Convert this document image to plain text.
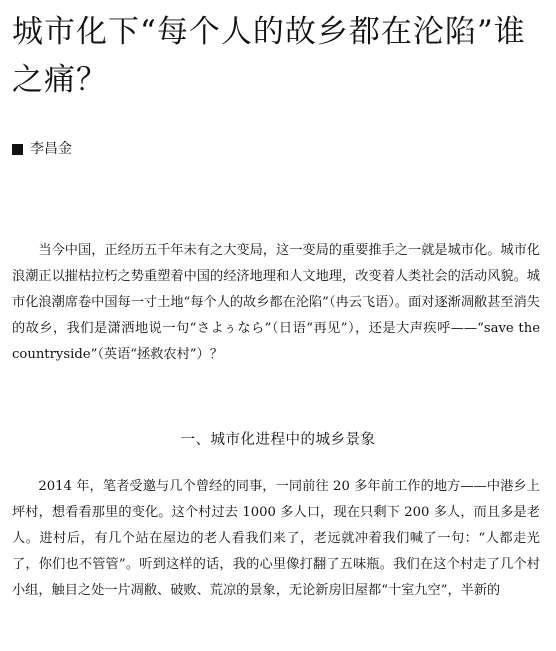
城市化下“每个人的故乡都在沦陷”谁之痛？
李昌金

当今中国，正经历五千年未有之大变局，这一变局的重要推手之一就是城市化。城市化浪潮正以摧枯拉朽之势重塑着中国的经济地理和人文地理，改变着人类社会的活动风貌。城市化浪潮席卷中国每一寸土地“每个人的故乡都在沦陷”（冉云飞语）。面对逐渐凋敝甚至消失的故乡，我们是潇洒地说一句“さよぅなら”（日语“再见”），还是大声疾呼——“save the countryside”（英语“拯救农村”）？

一、城市化进程中的城乡景象

2014 年，笔者受邀与几个曾经的同事，一同前往 20 多年前工作的地方——中港乡上坪村，想看看那里的变化。这个村过去 1000 多人口，现在只剩下 200 多人，而且多是老人。进村后，有几个站在屋边的老人看我们来了，老远就冲着我们喊了一句：“人都走光了，你们也不管管”。听到这样的话，我的心里像打翻了五味瓶。我们在这个村走了几个村小组，触目之处一片凋敝、破败、荒凉的景象，无论新房旧屋都“十室九空”，半新的
